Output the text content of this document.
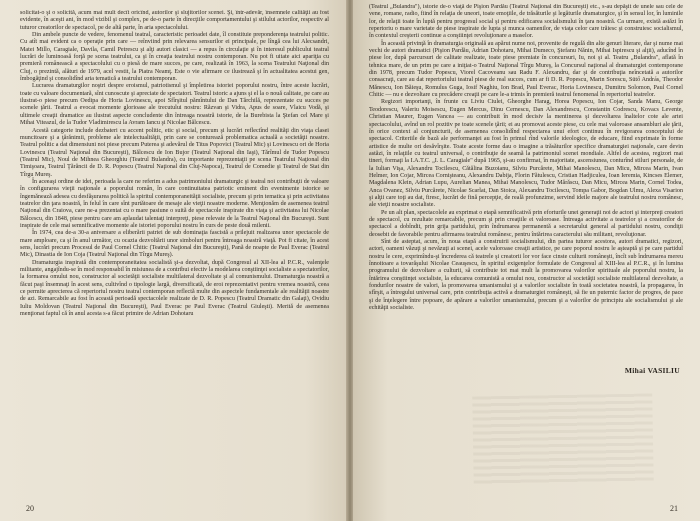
solicitat-o şi o solicită, acum mai mult decît oricînd, autorilor şi slujitorilor scenei. Şi, într-adevăr, însemnele calităţii au fost evidente, în aceşti ani, în mod vizibil şi complex, pe de-o parte în direcţiile comportamentului şi stilului actorilor, respectiv al tuturor creatorilor de spectacol, pe de altă parte, în aria spectacolului.

Din ambele puncte de vedere, fenomenul teatral, caracteristic perioadei date, îl constituie preponderenţa teatrului politic. Cu atît mai evident ca o operaţie prin care — reînviind prin relevarea sensurilor ei principale, pe lîngă cea lui Alecsandri, Matei Millo, Caragiale, Davila, Camil Petrescu şi alţi autori clasici — a repus în circulaţie şi în interesul publicului teatral lucrări de luminoasă forţă pe scena teatrului, ca şi în creaţia teatrului nostru contemporan. Nu pot fi uitate aici apariţia cu premieră românească a spectacolului cu o piesă de mare succes, pe care, realizată în 1963, la scena Teatrului Naţional din Cluj, o prezintă, alături de 1979, acel vestit, la Piatra Neamţ. Este o vie afirmare ce ilustrează şi în actualitatea acestui gen, îmbogăţind şi consolidînd aria tematică a teatrului contemporan.

Lucrarea dramaturgilor noştri despre eroismul, patriotismul şi împletirea istoriei poporului nostru, între aceste lucrări, toate cu valoare documentară, sînt cunoscute şi apreciate de spectatori. Teatrul istoric a ajuns şi el la o nouă calitate, pe care au ilustrat-o piese precum Oedipa de Horia Lovinescu, apoi Sfîrşitul pămîntului de Dan Tărchilă, reprezentate cu succes pe scenele ţării. Teatrul a evocat momente glorioase ale trecutului nostru: Răzvan şi Vidra, Apus de soare, Vlaicu Vodă, şi ultimele creaţii dramatice au ilustrat aspecte concludente din întreaga noastră istorie, de la Burebista la Ştefan cel Mare şi Mihai Viteazul, de la Tudor Vladimirescu la Avram Iancu şi Nicolae Bălcescu.

Acestă categorie include dezbateri cu accent politic, etic şi social, precum şi lucrări reflectînd realităţi din viaţa clasei muncitoare şi a ţărănimii, probleme ale intelectualităţii, prin care se conturează problematica actuală a societăţii noastre. Teatrul politic a dat dimensiuni noi piese precum Puterea şi adevărul de Titus Popovici (Teatrul Mic) şi Lovinescu ori de Horia Lovinescu (Teatrul Naţional din Bucureşti), Bălcescu de Ion Bujor (Teatrul Naţional din Iaşi), Tărîmul de Tudor Popescu (Teatrul Mic), Noul de Mihnea Gheorghiu (Teatrul Bulandra), cu importante reprezentaţii pe scena Teatrului Naţional din Timişoara, Teatrul Ţărăncii de D. R. Popescu (Teatrul Naţional din Cluj-Napoca), Teatrul de Comedie şi Teatrul de Stat din Tîrgu Mureş.

În aceeaşi ordine de idei, perioada la care ne referim a adus patrimoniului dramaturgic şi teatral noi contribuţii de valoare în configurarea vieţii naţionale a poporului român, în care continuitatea patriotic eminent din evenimente istorice se îngemănează adesea cu desfăşurarea politică la spiritul contemporaneităţii socialiste, precum şi prin tematica şi prin activitatea teatrelor din ţara noastră, în felul în care sînt purtătoare de mesaje ale vieţii noastre moderne. Menţionăm de asemenea teatrul Naţional din Craiova, care ne-a prezentat cu o mare pasiune o suită de spectacole inspirate din viaţa şi activitatea lui Nicolae Bălcescu, din 1848, piese pentru care am aplaudat talentaţi interpreţi, piese relevate de la Teatrul Naţional din Bucureşti. Sunt inspirate de cele mai semnificative momente ale istoriei poporului nostru în curs de peste două milenii.

În 1974, cea de-a 30-a aniversare a eliberării patriei de sub dominaţia fascistă a prilejuit realizarea unor spectacole de mare amploare, ca şi în anul următor, cu ocazia dezvoltării unor simboluri pentru întreaga noastră viaţă. Pot fi citate, în acest sens, lucrări precum Procesul de Paul Cornel Chitic (Teatrul Naţional din Bucureşti), Pană de noapte de Paul Everac (Teatrul Mic), Dinastia de Ion Coja (Teatrul Naţional din Tîrgu Mureş).

Dramaturgia inspirată din contemporaneitatea socialistă şi-a dezvoltat, după Congresul al XII-lea al P.C.R., valenţele militante, angajîndu-se în mod responsabil în misiunea de a contribui efectiv la modelarea conştiinţei socialiste a spectatorilor, la formarea omului nou, constructor al societăţii socialiste multilateral dezvoltate şi al comunismului. Dramaturgia noastră a făcut paşi însemnaţi în acest sens, cultivînd o tipologie largă, diversificată, de eroi reprezentativi pentru vremea noastră, ceea ce permite aprecierea că repertoriul nostru teatral contemporan reflectă multe din aspectele fundamentale ale realităţii noastre de azi. Remarcabile au fost în această perioadă spectacolele realizate de D. R. Popescu (Teatrul Dramatic din Galaţi), Ovidiu Iuliu Moldovan (Teatrul Naţional din Bucureşti), Paul Everac pe Paul Everac (Teatrul Giuleşti). Merită de asemenea menţionat faptul că în anul acesta s-a făcut primire de Adrian Dohotaru

20

(Teatrul „Bulandra"), istorie de-o viaţă de Pişion Pardău (Teatrul Naţional din Bucureşti) etc., s-au depăşit de unele sau cele de vene, romane, radio, fiind în relaţia de uneori, toate emoţiile, de trăsăturile şi legăturile dramaturgice, şi în sensul lor, în luminile lor, de relaţii toate în luptă pentru progresul social şi pentru edificarea socialismului în ţara noastră. Ca urmare, există astăzi în repertoriu o mare varietate de piese inspirate de lupta şi munca oamenilor, de viaţa celor care trăiesc şi construiesc socialismul, în contextul creşterii continue a conştiinţei revoluţionare a maselor.

În această privinţă în dramaturgia originală au apărut nume noi, provenite de regulă din alte genuri literare, dar şi nume mai vechi de autori dramatici (Pişion Pardău, Adrian Dohotaru, Mihai Dumeco, Ştefanu Nănin, Mihai Ispirescu şi alţii), aducînd în piese lor, după parcursuri de calitate realizate, toate piese premiate în concursuri, Iu, noi şi al. Teatru „Bulandra", aflată în tehnica mare, de un prim pe care a iniţiat-o Teatrul Naţional Tîrgu Mureş, la Concursul naţional al dramaturgiei contemporane din 1978, precum Tudor Popescu, Viorel Cacoveanu sau Radu F. Alexandru, dar şi de contribuţia neîncetată a autorilor consacraţi, care au dat repertoriului teatral piese de real succes, cum ar fi D. R. Popescu, Marin Sorescu, Sütő András, Theodor Mănescu, Ion Băieşu, Romulus Guga, Iosif Naghiu, Ion Brad, Paul Everac, Horia Lovinescu, Dumitru Solomon, Paul Cornel Chitic — nu e dezvoltare cu precădere creaţii pe care le-a trimis în premieră teatrul fenomenal în repertoriul teatrelor.

Regizori importanţi, în frunte cu Liviu Ciulei, Gheorghe Harag, Horea Popescu, Ion Cojar, Sanda Manu, George Teodorescu, Valeriu Moisescu, Eugen Mercus, Dinu Cernescu, Dan Alexandrescu, Constantin Codrescu, Kovacs Levente, Christian Maurer, Eugen Vancea — au contribuit în mod decisiv la mentinerea şi dezvoltarea înaltelor cote ale artei spectacolului, avînd un rol pozitiv pe toate scenele ţării; ei au promovat aceste piese, cu cele mai valoroase ansambluri ale ţării, în orice context al conjuncturii, de asemenea consolidînd respectarea unui efort continuu în revigorarea conceptului de spectacol. Criteriile de bază ale performanţei au fost în primul rînd valorile ideologice, de educare, fiind exprimate în forme artistice de multe ori desăvîrşite. Toate aceste forme dau o imagine a trăsăturilor specifice dramaturgiei naţionale, care devin astăzi, în relaţiile cu teatrul universal, o contribuţie de seamă la patrimoniul scenei mondiale. Altfel de acestea, regizori mai tineri, formaţi la I.A.T.C. „I. L. Caragiale" după 1965, şi-au confirmat, în majoritate, ascensiunea, conturînd stiluri personale, de la Iulian Vişa, Alexandru Tocilescu, Cătălina Buzoianu, Silviu Purcărete, Mihai Manolescu, Dan Micu, Mircea Marin, Ivan Helmer, Ion Cojar, Mircea Cornişteanu, Alexandru Dabija, Florin Fătulescu, Cristian Hadjiculea, Ioan Ieremia, Kincses Elemer, Magdalena Klein, Adrian Lupu, Aurelian Manea, Mihai Manolescu, Tudor Mărăscu, Dan Micu, Mircea Marin, Cornel Todea, Anca Ovanez, Silviu Purcărete, Nicolae Scarlat, Dan Stoica, Alexandru Tocilescu, Tompa Gabor, Bogdan Ulmu, Alexa Visarion şi alţii care toţi au dat, firesc, lucrări de fină percepţie, de reală profunzime, servind ideile majore ale teatrului nostru românesc, ale vieţii noastre socialiste.

Pe un alt plan, spectacolele au exprimat o etapă semnificativă prin eforturile unei generaţii noi de actori şi interpreţi creatori de spectacol, cu rezultate remarcabile, precum şi prin creaţiile ei valoroase. Întreaga activitate a teatrelor şi a creatorilor de spectacol a dobîndit, prin grija partidului, prin îndrumarea permanentă a secretarului general al partidului nostru, condiţii deosebit de favorabile pentru afirmarea teatrului românesc, pentru întărirea caracterului său militant, revoluţionar.

Sînt de asteptat, acum, în noua etapă a construirii socialismului, din partea tuturor acestora, autori dramatici, regizori, actori, oameni văzuţi şi nevăzuţi ai scenei, acele valoroase creaţii artistice, pe care poporul nostru le aşteaptă şi pe care partidul nostru le cere, exprimîndu-şi încrederea că teatrele şi creatorii lor vor face cinste culturii româneşti, încît sub îndrumarea mereu înnoitoare a tovarăşului Nicolae Ceauşescu, în spiritul exigenţelor formulate de Congresul al XIII-lea al P.C.R., şi în lumina programului de dezvoltare a culturii, să contribuie tot mai mult la promovarea valorilor spirituale ale poporului nostru, la întărirea conştiinţei socialiste, la educarea comunistă a omului nou, constructor al societăţii socialiste multilateral dezvoltate, a fondurilor noastre de valori, la promovarea umanismului şi a valorilor socialiste în toată societatea noastră, la propagarea, în sfîrşit, a întregului universal care, prin contribuţia activă a dramaturgiei româneşti, să fie un puternic factor de progres, de pace şi de înţelegere între popoare, de apărare a valorilor umanismului, precum şi a valorilor de principiu ale socialismului şi ale echităţii socialiste.

Mihai VASILIU
21
